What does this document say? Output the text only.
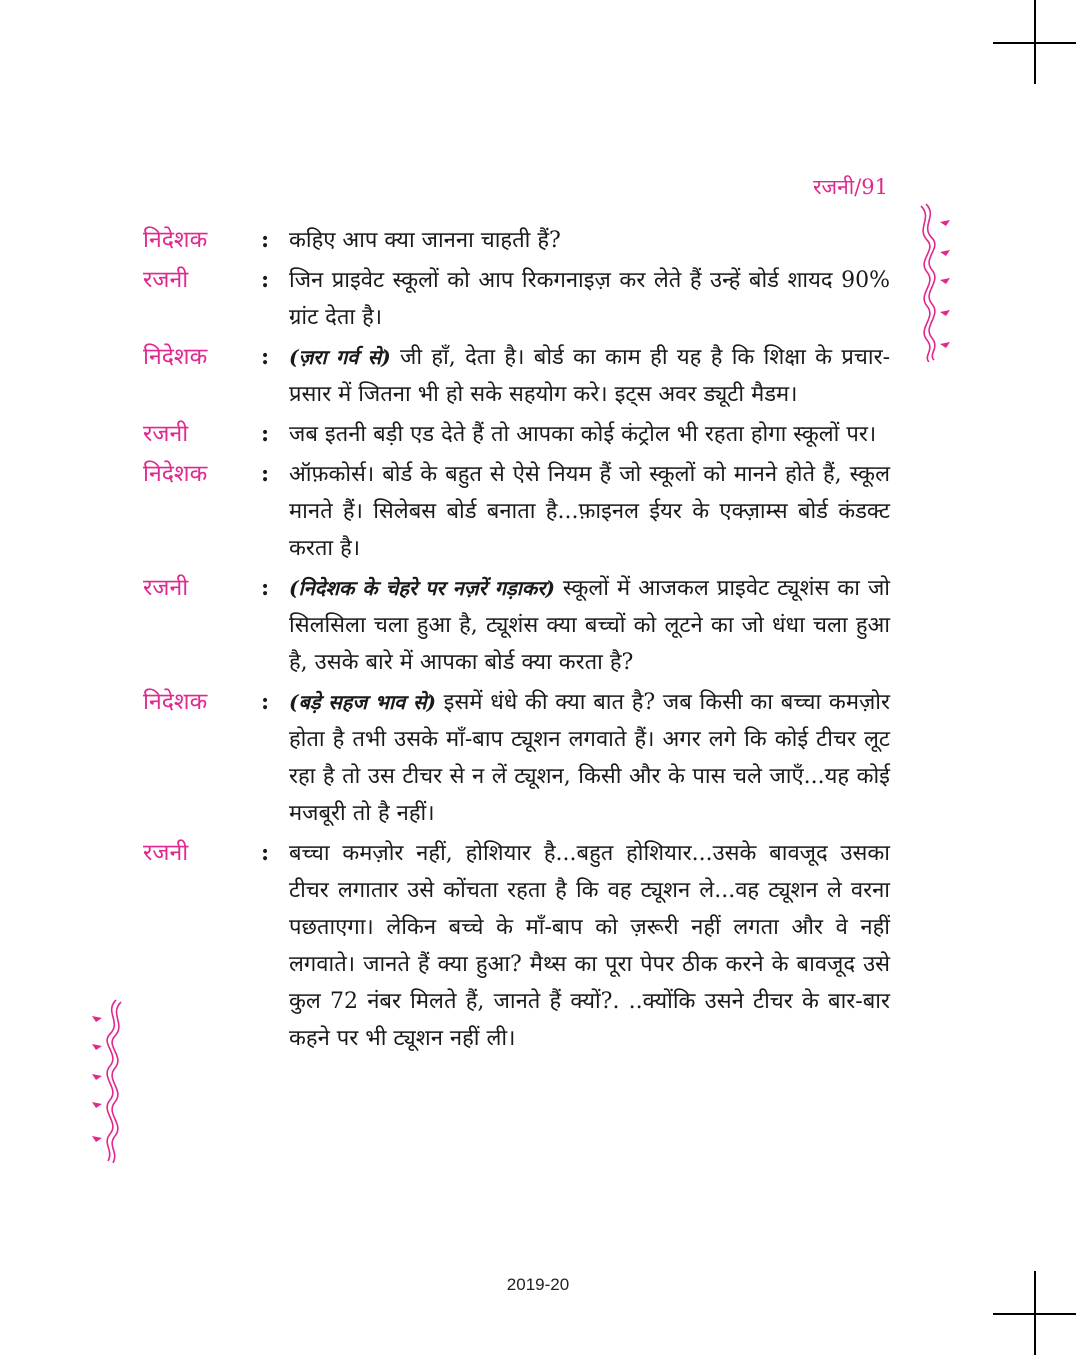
रजनी/91
निदेशक	: कहिए आप क्या जानना चाहती हैं?
रजनी	: जिन प्राइवेट स्कूलों को आप रिकगनाइज़ कर लेते हैं उन्हें बोर्ड शायद 90% ग्रांट देता है।
निदेशक	: (ज़रा गर्व से) जी हाँ, देता है। बोर्ड का काम ही यह है कि शिक्षा के प्रचार-प्रसार में जितना भी हो सके सहयोग करे। इट्स अवर ड्यूटी मैडम।
रजनी	: जब इतनी बड़ी एड देते हैं तो आपका कोई कंट्रोल भी रहता होगा स्कूलों पर।
निदेशक	: ऑफ़कोर्स। बोर्ड के बहुत से ऐसे नियम हैं जो स्कूलों को मानने होते हैं, स्कूल मानते हैं। सिलेबस बोर्ड बनाता है...फ़ाइनल ईयर के एक्ज़ाम्स बोर्ड कंडक्ट करता है।
रजनी	: (निदेशक के चेहरे पर नज़रें गड़ाकर) स्कूलों में आजकल प्राइवेट ट्यूशंस का जो सिलसिला चला हुआ है, ट्यूशंस क्या बच्चों को लूटने का जो धंधा चला हुआ है, उसके बारे में आपका बोर्ड क्या करता है?
निदेशक	: (बड़े सहज भाव से) इसमें धंधे की क्या बात है? जब किसी का बच्चा कमज़ोर होता है तभी उसके माँ-बाप ट्यूशन लगवाते हैं। अगर लगे कि कोई टीचर लूट रहा है तो उस टीचर से न लें ट्यूशन, किसी और के पास चले जाएँ...यह कोई मजबूरी तो है नहीं।
रजनी	: बच्चा कमज़ोर नहीं, होशियार है...बहुत होशियार...उसके बावजूद उसका टीचर लगातार उसे कोंचता रहता है कि वह ट्यूशन ले...वह ट्यूशन ले वरना पछताएगा। लेकिन बच्चे के माँ-बाप को ज़रूरी नहीं लगता और वे नहीं लगवाते। जानते हैं क्या हुआ? मैथ्स का पूरा पेपर ठीक करने के बावजूद उसे कुल 72 नंबर मिलते हैं, जानते हैं क्यों?. ..क्योंकि उसने टीचर के बार-बार कहने पर भी ट्यूशन नहीं ली।
2019-20
